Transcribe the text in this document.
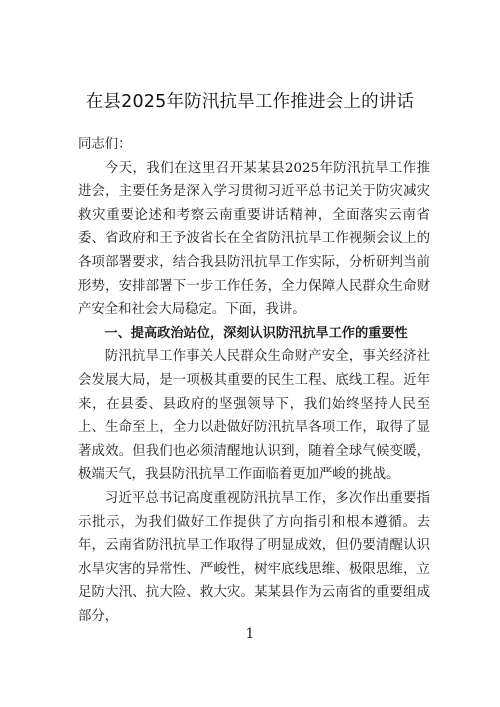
在县2025年防汛抗旱工作推进会上的讲话

同志们：

今天，我们在这里召开某某县2025年防汛抗旱工作推进会，主要任务是深入学习贯彻习近平总书记关于防灾减灾救灾重要论述和考察云南重要讲话精神，全面落实云南省委、省政府和王予波省长在全省防汛抗旱工作视频会议上的各项部署要求，结合我县防汛抗旱工作实际，分析研判当前形势，安排部署下一步工作任务，全力保障人民群众生命财产安全和社会大局稳定。下面，我讲。

一、提高政治站位，深刻认识防汛抗旱工作的重要性

防汛抗旱工作事关人民群众生命财产安全，事关经济社会发展大局，是一项极其重要的民生工程、底线工程。近年来，在县委、县政府的坚强领导下，我们始终坚持人民至上、生命至上，全力以赴做好防汛抗旱各项工作，取得了显著成效。但我们也必须清醒地认识到，随着全球气候变暖，极端天气，我县防汛抗旱工作面临着更加严峻的挑战。

习近平总书记高度重视防汛抗旱工作，多次作出重要指示批示，为我们做好工作提供了方向指引和根本遵循。去年，云南省防汛抗旱工作取得了明显成效，但仍要清醒认识水旱灾害的异常性、严峻性，树牢底线思维、极限思维，立足防大汛、抗大险、救大灾。某某县作为云南省的重要组成部分，

1
